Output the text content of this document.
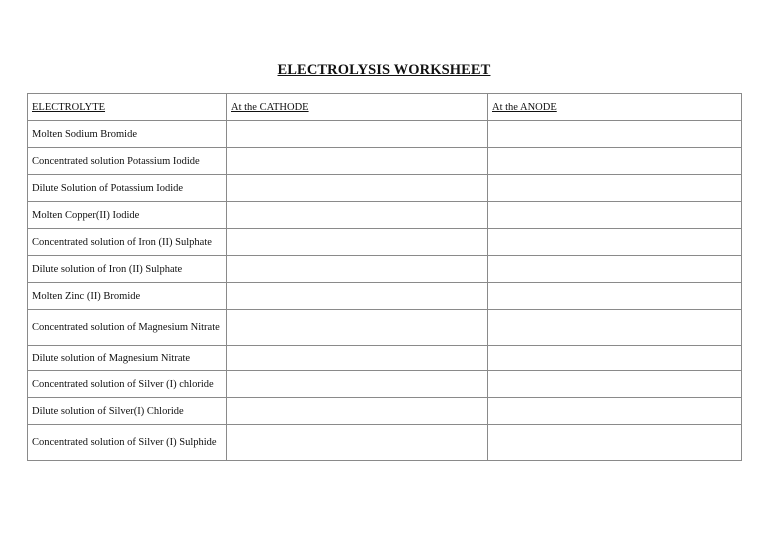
ELECTROLYSIS WORKSHEET
ELECTROLYTE	At the CATHODE	At the ANODE
Molten Sodium Bromide		
Concentrated solution Potassium Iodide		
Dilute Solution of Potassium Iodide		
Molten Copper(II) Iodide		
Concentrated solution of Iron (II) Sulphate		
Dilute solution of Iron (II) Sulphate		
Molten Zinc (II) Bromide		
Concentrated solution of Magnesium Nitrate		
Dilute solution of Magnesium Nitrate		
Concentrated solution of Silver (I) chloride		
Dilute solution of Silver(I) Chloride		
Concentrated solution of Silver (I) Sulphide		
